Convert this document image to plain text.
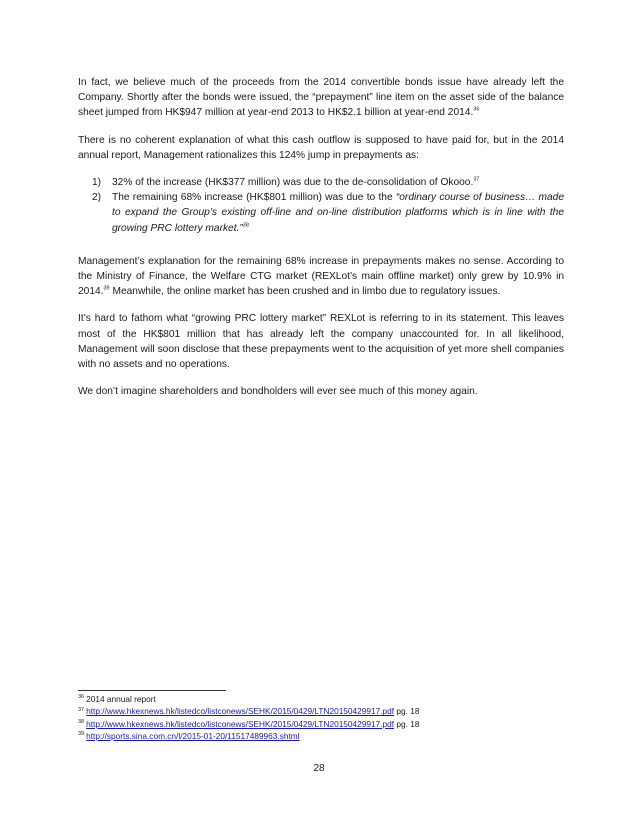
In fact, we believe much of the proceeds from the 2014 convertible bonds issue have already left the Company. Shortly after the bonds were issued, the “prepayment” line item on the asset side of the balance sheet jumped from HK$947 million at year-end 2013 to HK$2.1 billion at year-end 2014.36

There is no coherent explanation of what this cash outflow is supposed to have paid for, but in the 2014 annual report, Management rationalizes this 124% jump in prepayments as:

1) 32% of the increase (HK$377 million) was due to the de-consolidation of Okooo.$^{37}$
2) The remaining 68% increase (HK$801 million) was due to the “ordinary course of business… made to expand the Group’s existing off-line and on-line distribution platforms which is in line with the growing PRC lottery market.”$^{38}$

Management’s explanation for the remaining 68% increase in prepayments makes no sense. According to the Ministry of Finance, the Welfare CTG market (REXLot’s main offline market) only grew by 10.9% in 2014.39 Meanwhile, the online market has been crushed and in limbo due to regulatory issues.

It’s hard to fathom what “growing PRC lottery market” REXLot is referring to in its statement. This leaves most of the HK$801 million that has already left the company unaccounted for. In all likelihood, Management will soon disclose that these prepayments went to the acquisition of yet more shell companies with no assets and no operations.

We don’t imagine shareholders and bondholders will ever see much of this money again.

$^{36}$ 2014 annual report
$^{37}$ http://www.hkexnews.hk/listedco/listconews/SEHK/2015/0429/LTN20150429917.pdf pg. 18
$^{38}$ http://www.hkexnews.hk/listedco/listconews/SEHK/2015/0429/LTN20150429917.pdf pg. 18
$^{39}$ http://sports.sina.com.cn/l/2015-01-20/11517489963.shtml
28
